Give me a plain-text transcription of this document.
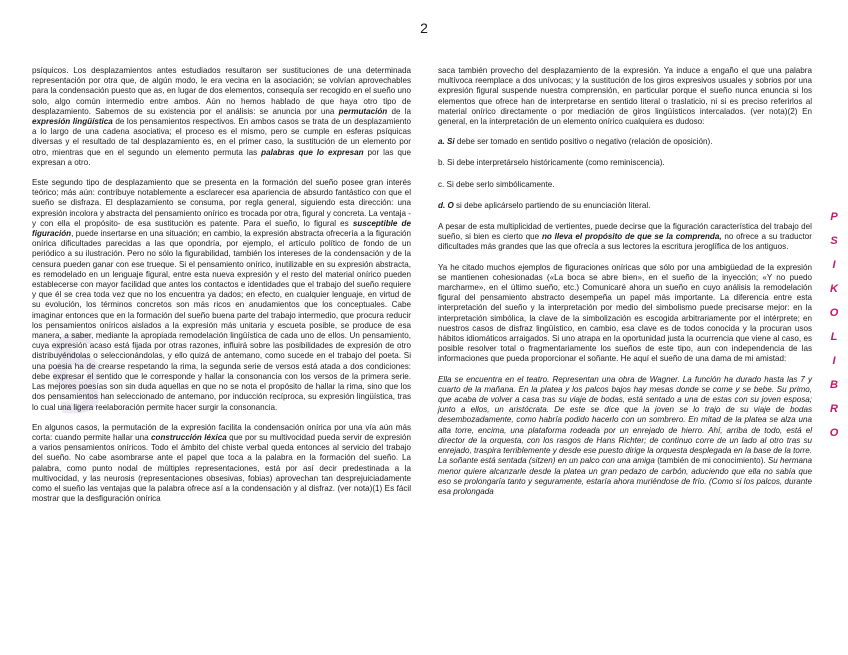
2
§

psíquicos. Los desplazamientos antes estudiados resultaron ser sustituciones de una determinada representación por otra que, de algún modo, le era vecina en la asociación; se volvían aprovechables para la condensación puesto que as, en lugar de dos elementos, consequía ser recogido en el sueño uno solo, algo común intermedio entre ambos. Aún no hemos hablado de que haya otro tipo de desplazamiento. Sabemos de su existencia por el análisis: se anuncia por una permutación de la expresión lingüística de los pensamientos respectivos. En ambos casos se trata de un desplazamiento a lo largo de una cadena asociativa; el proceso es el mismo, pero se cumple en esferas psíquicas diversas y el resultado de tal desplazamiento es, en el primer caso, la sustitución de un elemento por otro, mientras que en el segundo un elemento permuta las palabras que lo expresan por las que expresan a otro.

Este segundo tipo de desplazamiento que se presenta en la formación del sueño posee gran interés teórico; más aún: contribuye notablemente a esclarecer esa apariencia de absurdo fantástico con que el sueño se disfraza. El desplazamiento se consuma, por regla general, siguiendo esta dirección: una expresión incolora y abstracta del pensamiento onírico es trocada por otra, figural y concreta. La ventaja -y con ella el propósito- de esa sustitución es patente. Para el sueño, lo figural es susceptible de figuración, puede insertarse en una situación; en cambio, la expresión abstracta ofrecería a la figuración onírica dificultades parecidas a las que opondría, por ejemplo, el artículo político de fondo de un periódico a su ilustración. Pero no sólo la figurabilidad, también los intereses de la condensación y de la censura pueden ganar con ese trueque. Si el pensamiento onírico, inutilizable en su expresión abstracta, es remodelado en un lenguaje figural, entre esta nueva expresión y el resto del material onírico pueden establecerse con mayor facilidad que antes los contactos e identidades que el trabajo del sueño requiere y que él se crea toda vez que no los encuentra ya dados; en efecto, en cualquier lenguaje, en virtud de su evolución, los términos concretos son más ricos en anudamientos que los conceptuales. Cabe imaginar entonces que en la formación del sueño buena parte del trabajo intermedio, que procura reducir los pensamientos oníricos aislados a la expresión más unitaria y escueta posible, se produce de esa manera, a saber, mediante la apropiada remodelación lingüística de cada uno de ellos. Un pensamiento, cuya expresión acaso está fijada por otras razones, influirá sobre las posibilidades de expresión de otro distribuyéndolas o seleccionándolas, y ello quizá de antemano, como sucede en el trabajo del poeta. Si una poesia ha de crearse respetando la rima, la segunda serie de versos está atada a dos condiciones: debe expresar el sentido que le corresponde y hallar la consonancia con los versos de la primera serie. Las mejores poesías son sin duda aquellas en que no se nota el propósito de hallar la rima, sino que los dos pensamientos han seleccionado de antemano, por inducción recíproca, su expresión lingüística, tras lo cual una ligera reelaboración permite hacer surgir la consonancia.

En algunos casos, la permutación de la expresión facilita la condensación onírica por una vía aún más corta: cuando permite hallar una construcción léxica que por su multivocidad pueda servir de expresión a varios pensamientos oníricos. Todo el ámbito del chiste verbal queda entonces al servicio del trabajo del sueño. No cabe asombrarse ante el papel que toca a la palabra en la formación del sueño. La palabra, como punto nodal de múltiples representaciones, está por así decir predestinada a la multivocidad, y las neurosis (representaciones obsesivas, fobias) aprovechan tan desprejuiciadamente como el sueño las ventajas que la palabra ofrece así a la condensación y al disfraz. (ver nota)(1) Es fácil mostrar que la desfiguración onírica

saca también provecho del desplazamiento de la expresión. Ya induce a engaño el que una palabra multívoca reemplace a dos unívocas; y la sustitución de los giros expresivos usuales y sobrios por una expresión figural suspende nuestra comprensión, en particular porque el sueño nunca enuncia si los elementos que ofrece han de interpretarse en sentido literal o traslaticio, ni si es preciso referirlos al material onírico directamente o por mediación de giros lingüísticos intercalados. (ver nota)(2) En general, en la interpretación de un elemento onírico cualquiera es dudoso:

a. Si debe ser tomado en sentido positivo o negativo (relación de oposición).

b. Si debe interpretárselo históricamente (como reminiscencia).

c. Si debe serlo simbólicamente.

d. O si debe aplicárselo partiendo de su enunciación literal.

A pesar de esta multiplicidad de vertientes, puede decirse que la figuración característica del trabajo del sueño, si bien es cierto que no lleva el propósito de que se la comprenda, no ofrece a su traductor dificultades más grandes que las que ofrecía a sus lectores la escritura jeroglífica de los antiguos.

Ya he citado muchos ejemplos de figuraciones oníricas que sólo por una ambigüedad de la expresión se mantienen cohesionadas («La boca se abre bien», en el sueño de la inyección; «Y no puedo marcharme», en el último sueño, etc.) Comunicaré ahora un sueño en cuyo análisis la remodelación figural del pensamiento abstracto desempeña un papel más importante. La diferencia entre esta interpretación del sueño y la interpretación por medio del simbolismo puede precisarse mejor: en la interpretación simbólica, la clave de la simbolización es escogida arbitrariamente por el intérprete; en nuestros casos de disfraz lingüístico, en cambio, esa clave es de todos conocida y la procuran usos hábitos idiomáticos arraigados. Si uno atrapa en la oportunidad justa la ocurrencia que viene al caso, es posible resolver total o fragmentariamente los sueños de este tipo, aun con independencia de las informaciones que pueda proporcionar el soñante. He aquí el sueño de una dama de mi amistad:

Ella se encuentra en el teatro. Representan una obra de Wagner. La función ha durado hasta las 7 y cuarto de la mañana. En la platea y los palcos bajos hay mesas donde se come y se bebe. Su primo, que acaba de volver a casa tras su viaje de bodas, está sentado a una de estas con su joven esposa; junto a ellos, un aristócrata. De este se dice que la joven se lo trajo de su viaje de bodas desembozadamente, como habría podido hacerlo con un sombrero. En mitad de la platea se alza una alta torre, encima, una plataforma rodeada por un enrejado de hierro. Ahí, arriba de todo, está el director de la orquesta, con los rasgos de Hans Richter; de continuo corre de un lado al otro tras su enrejado, traspira terriblemente y desde ese puesto dirige la orquesta desplegada en la base de la torre. La soñante está sentada (sitzen) en un palco con una amiga (también de mi conocimiento). Su hermana menor quiere alcanzarle desde la platea un gran pedazo de carbón, aduciendo que ella no sabía que eso se prolongaría tanto y seguramente, estaría ahora muriéndose de frío. (Como si los palcos, durante esa prolongada

P
S
I
K
O
L
I
B
R
O
